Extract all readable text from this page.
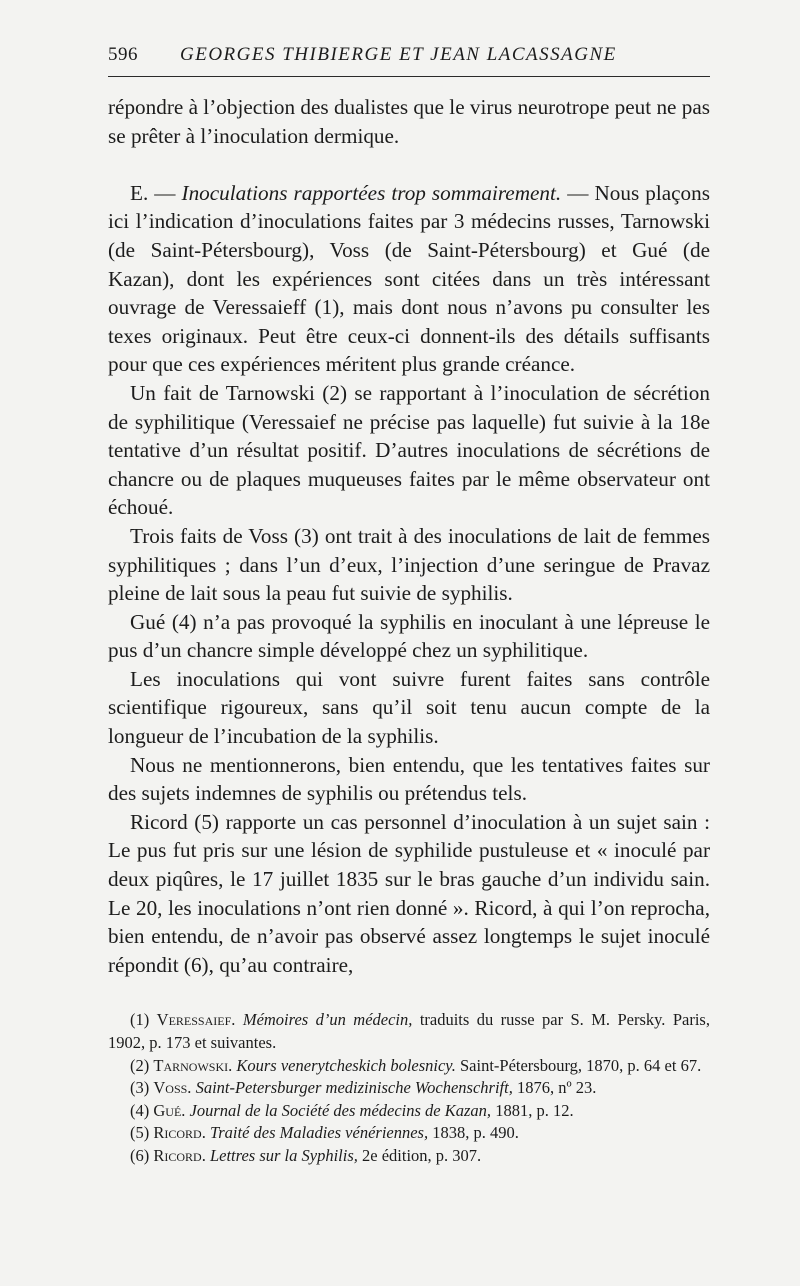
596	GEORGES THIBIERGE ET JEAN LACASSAGNE

répondre à l’objection des dualistes que le virus neurotrope peut ne pas se prêter à l’inoculation dermique.

E. — Inoculations rapportées trop sommairement. — Nous plaçons ici l’indication d’inoculations faites par 3 médecins russes, Tarnowski (de Saint-Pétersbourg), Voss (de Saint-Pétersbourg) et Gué (de Kazan), dont les expériences sont citées dans un très intéressant ouvrage de Veressaieff (1), mais dont nous n’avons pu consulter les texes originaux. Peut être ceux-ci donnent-ils des détails suffisants pour que ces expériences méritent plus grande créance.

Un fait de Tarnowski (2) se rapportant à l’inoculation de sécrétion de syphilitique (Veressaief ne précise pas laquelle) fut suivie à la 18e tentative d’un résultat positif. D’autres inoculations de sécrétions de chancre ou de plaques muqueuses faites par le même observateur ont échoué.

Trois faits de Voss (3) ont trait à des inoculations de lait de femmes syphilitiques ; dans l’un d’eux, l’injection d’une seringue de Pravaz pleine de lait sous la peau fut suivie de syphilis.

Gué (4) n’a pas provoqué la syphilis en inoculant à une lépreuse le pus d’un chancre simple développé chez un syphilitique.

Les inoculations qui vont suivre furent faites sans contrôle scientifique rigoureux, sans qu’il soit tenu aucun compte de la longueur de l’incubation de la syphilis.

Nous ne mentionnerons, bien entendu, que les tentatives faites sur des sujets indemnes de syphilis ou prétendus tels.

Ricord (5) rapporte un cas personnel d’inoculation à un sujet sain : Le pus fut pris sur une lésion de syphilide pustuleuse et « inoculé par deux piqûres, le 17 juillet 1835 sur le bras gauche d’un individu sain. Le 20, les inoculations n’ont rien donné ». Ricord, à qui l’on reprocha, bien entendu, de n’avoir pas observé assez longtemps le sujet inoculé répondit (6), qu’au contraire,

(1) Veressaief. Mémoires d’un médecin, traduits du russe par S. M. Persky. Paris, 1902, p. 173 et suivantes.

(2) Tarnowski. Kours venerytcheskich bolesnicy. Saint-Pétersbourg, 1870, p. 64 et 67.

(3) Voss. Saint-Petersburger medizinische Wochenschrift, 1876, nº 23.

(4) Gué. Journal de la Société des médecins de Kazan, 1881, p. 12.

(5) Ricord. Traité des Maladies vénériennes, 1838, p. 490.

(6) Ricord. Lettres sur la Syphilis, 2e édition, p. 307.
